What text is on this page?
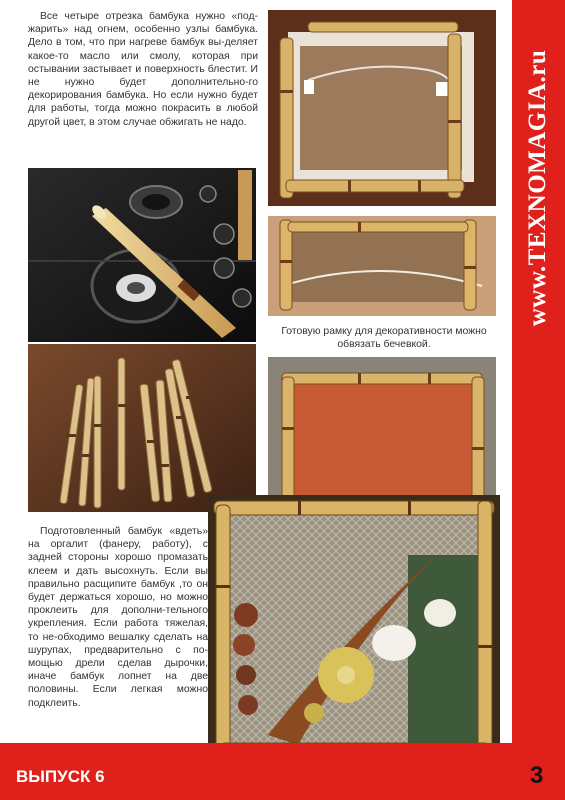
Все четыре отрезка бамбука нужно «под-жарить» над огнем, особенно узлы бамбука. Дело в том, что при нагреве бамбук вы-деляет какое-то масло или смолу, которая при остывании застывает и поверхность блестит. И не нужно будет дополнительно-го декорирования бамбука. Но если нужно будет для работы, тогда можно покрасить в любой другой цвет, в этом случае обжигать не надо.
Готовую рамку для декоративности можно обвязать бечевкой.
Подготовленный бамбук «вдеть» на оргалит (фанеру, работу), с задней стороны хорошо промазать клеем и дать высохнуть. Если вы правильно расщипите бамбук ,то он будет держаться хорошо, но можно проклеить для дополни-тельного укрепления. Если работа тяжелая, то не-обходимо вешалку сделать на шурупах, предварительно с по-мощью дрели сделав дырочки, иначе бамбук лопнет на две половины. Если легкая можно подклеить.
www.TEXNOMAGIA.ru
ВЫПУСК 6	3
